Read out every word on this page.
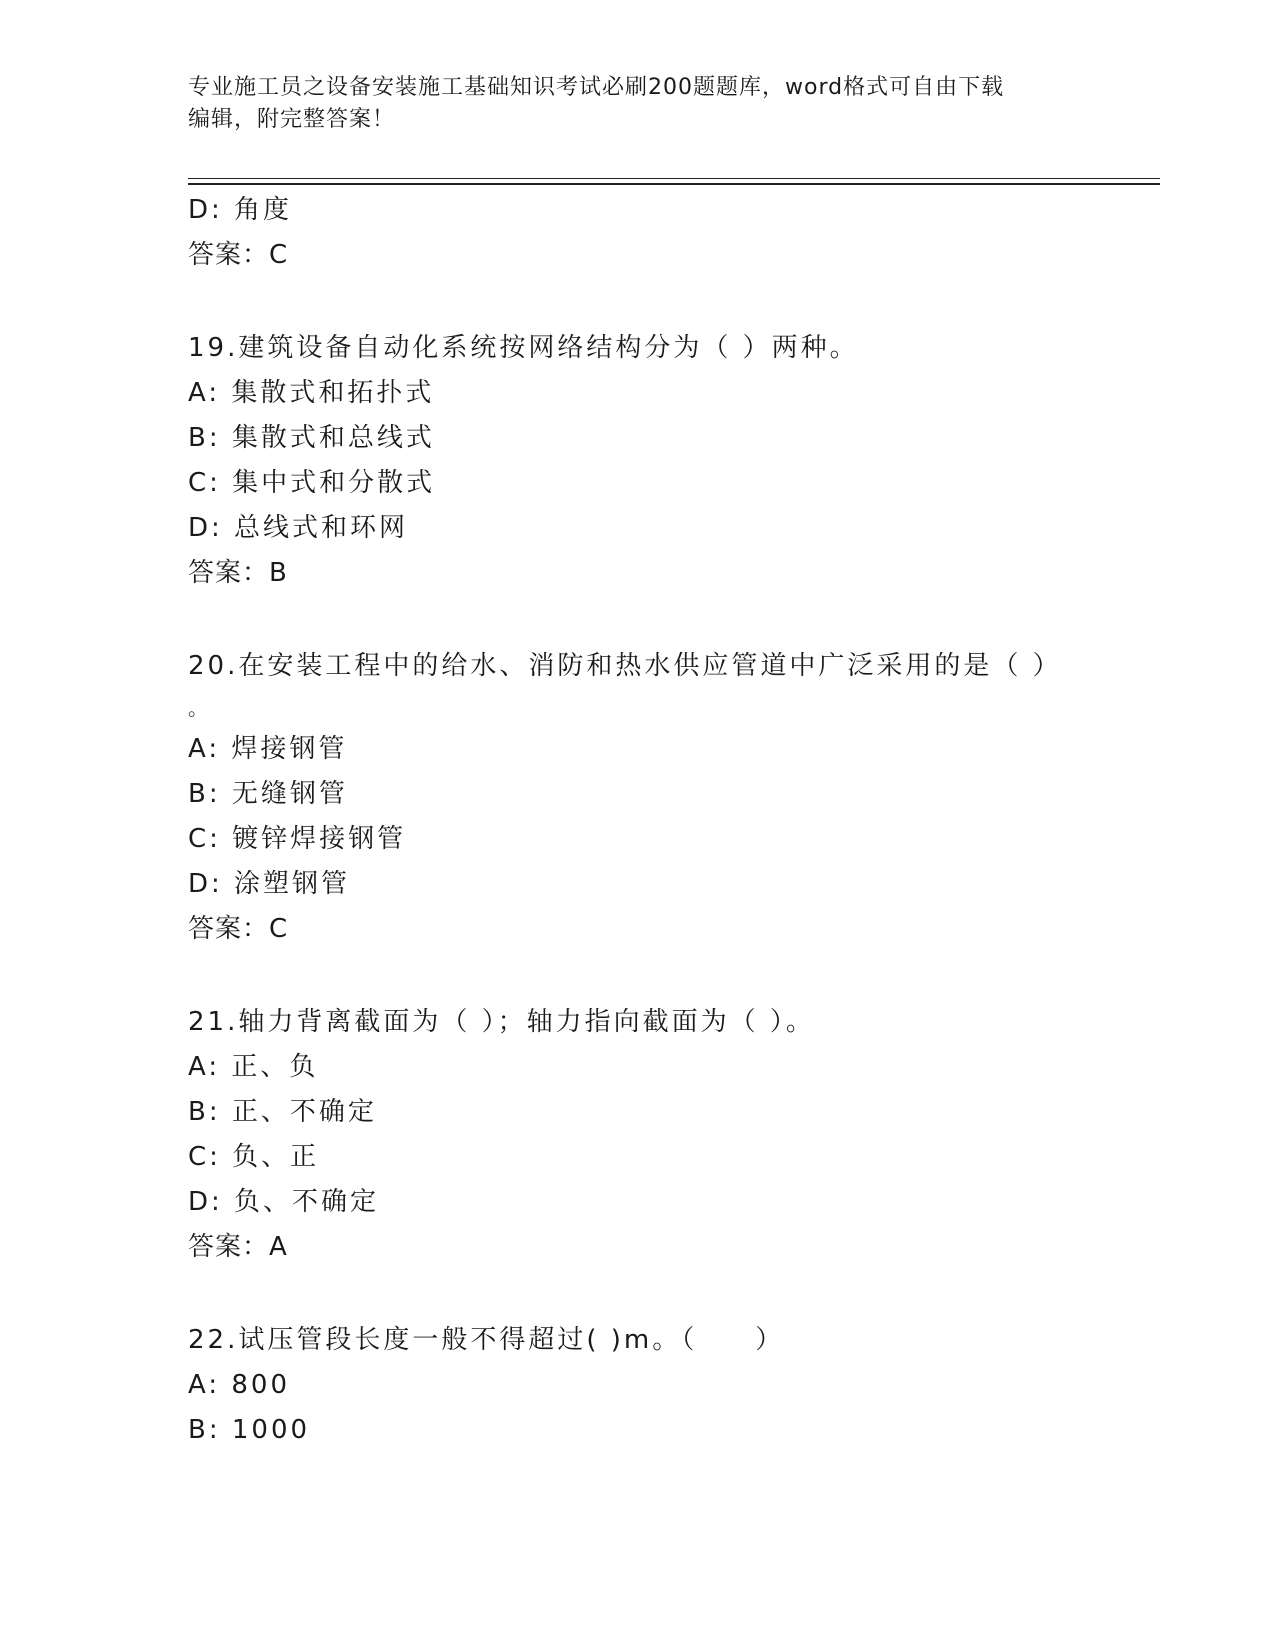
专业施工员之设备安装施工基础知识考试必刷200题题库，word格式可自由下载
编辑，附完整答案！
D: 角度
答案：C
19.建筑设备自动化系统按网络结构分为（ ）两种。
A: 集散式和拓扑式
B: 集散式和总线式
C: 集中式和分散式
D: 总线式和环网
答案：B
20.在安装工程中的给水、消防和热水供应管道中广泛采用的是（ ）
。
A: 焊接钢管
B: 无缝钢管
C: 镀锌焊接钢管
D: 涂塑钢管
答案：C
21.轴力背离截面为（ ）；轴力指向截面为（ ）。
A: 正、负
B: 正、不确定
C: 负、正
D: 负、不确定
答案：A
22.试压管段长度一般不得超过( )m。（　　）
A: 800
B: 1000
